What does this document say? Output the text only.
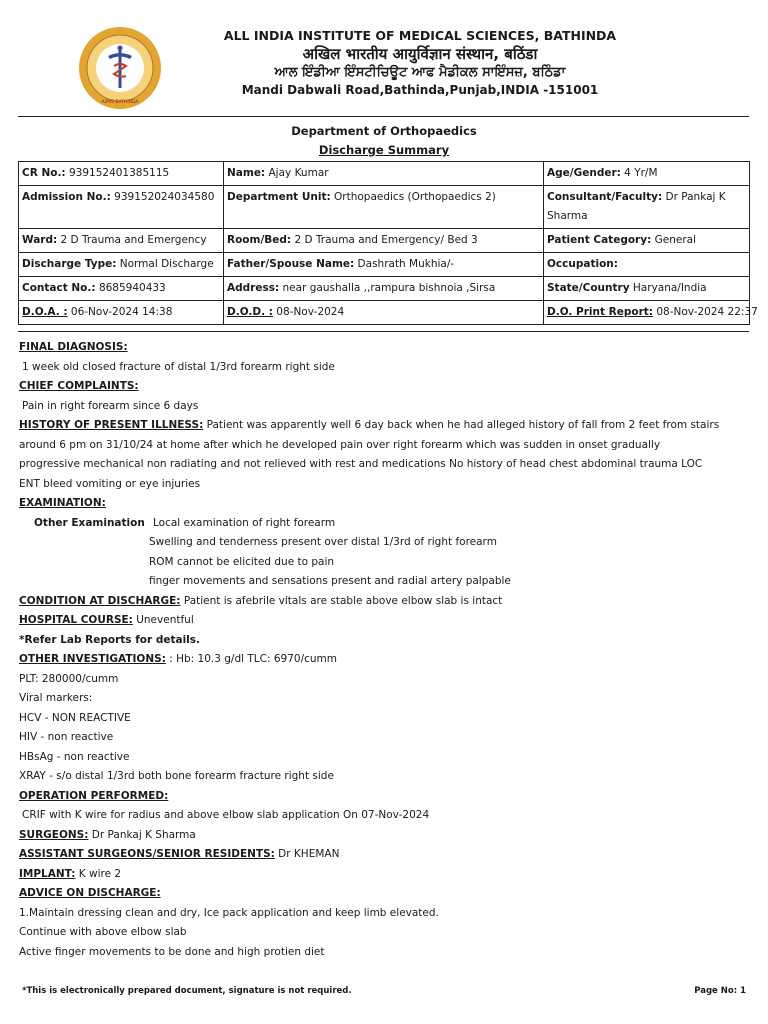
AIIMS BATHINDA
ALL INDIA INSTITUTE OF MEDICAL SCIENCES, BATHINDA
अखिल भारतीय आयुर्विज्ञान संस्थान, बठिंडा
ਆਲ ਇੰਡੀਆ ਇੰਸਟੀਚਿਊਟ ਆਫ ਮੈਡੀਕਲ ਸਾਇੰਸਜ਼, ਬਠਿੰਡਾ
Mandi Dabwali Road,Bathinda,Punjab,INDIA -151001
Department of Orthopaedics
Discharge Summary
CR No.: 939152401385115	Name: Ajay Kumar	Age/Gender: 4 Yr/M
Admission No.: 939152024034580	Department Unit: Orthopaedics (Orthopaedics 2)	Consultant/Faculty: Dr Pankaj K Sharma
Ward: 2 D Trauma and Emergency	Room/Bed: 2 D Trauma and Emergency/ Bed 3	Patient Category: General
Discharge Type: Normal Discharge	Father/Spouse Name: Dashrath Mukhia/-	Occupation:
Contact No.: 8685940433	Address: near gaushalla ,,rampura bishnoia ,Sirsa	State/Country Haryana/India
D.O.A. : 06-Nov-2024 14:38	D.O.D. : 08-Nov-2024	D.O. Print Report: 08-Nov-2024 22:37
FINAL DIAGNOSIS:
1 week old closed fracture of distal 1/3rd forearm right side
CHIEF COMPLAINTS:
Pain in right forearm since 6 days
HISTORY OF PRESENT ILLNESS: Patient was apparently well 6 day back when he had alleged history of fall from 2 feet from stairs
around 6 pm on 31/10/24 at home after which he developed pain over right forearm which was sudden in onset gradually
progressive mechanical non radiating and not relieved with rest and medications No history of head chest abdominal trauma LOC
ENT bleed vomiting or eye injuries
EXAMINATION:
Other Examination Local examination of right forearm
Swelling and tenderness present over distal 1/3rd of right forearm
ROM cannot be elicited due to pain
finger movements and sensations present and radial artery palpable
CONDITION AT DISCHARGE: Patient is afebrile vitals are stable above elbow slab is intact
HOSPITAL COURSE: Uneventful
*Refer Lab Reports for details.
OTHER INVESTIGATIONS: : Hb: 10.3 g/dl TLC: 6970/cumm
PLT: 280000/cumm
Viral markers:
HCV - NON REACTIVE
HIV - non reactive
HBsAg - non reactive
XRAY - s/o distal 1/3rd both bone forearm fracture right side
OPERATION PERFORMED:
CRIF with K wire for radius and above elbow slab application On 07-Nov-2024
SURGEONS: Dr Pankaj K Sharma
ASSISTANT SURGEONS/SENIOR RESIDENTS: Dr KHEMAN
IMPLANT: K wire 2
ADVICE ON DISCHARGE:
1.Maintain dressing clean and dry, Ice pack application and keep limb elevated.
Continue with above elbow slab
Active finger movements to be done and high protien diet
*This is electronically prepared document, signature is not required.	Page No: 1
